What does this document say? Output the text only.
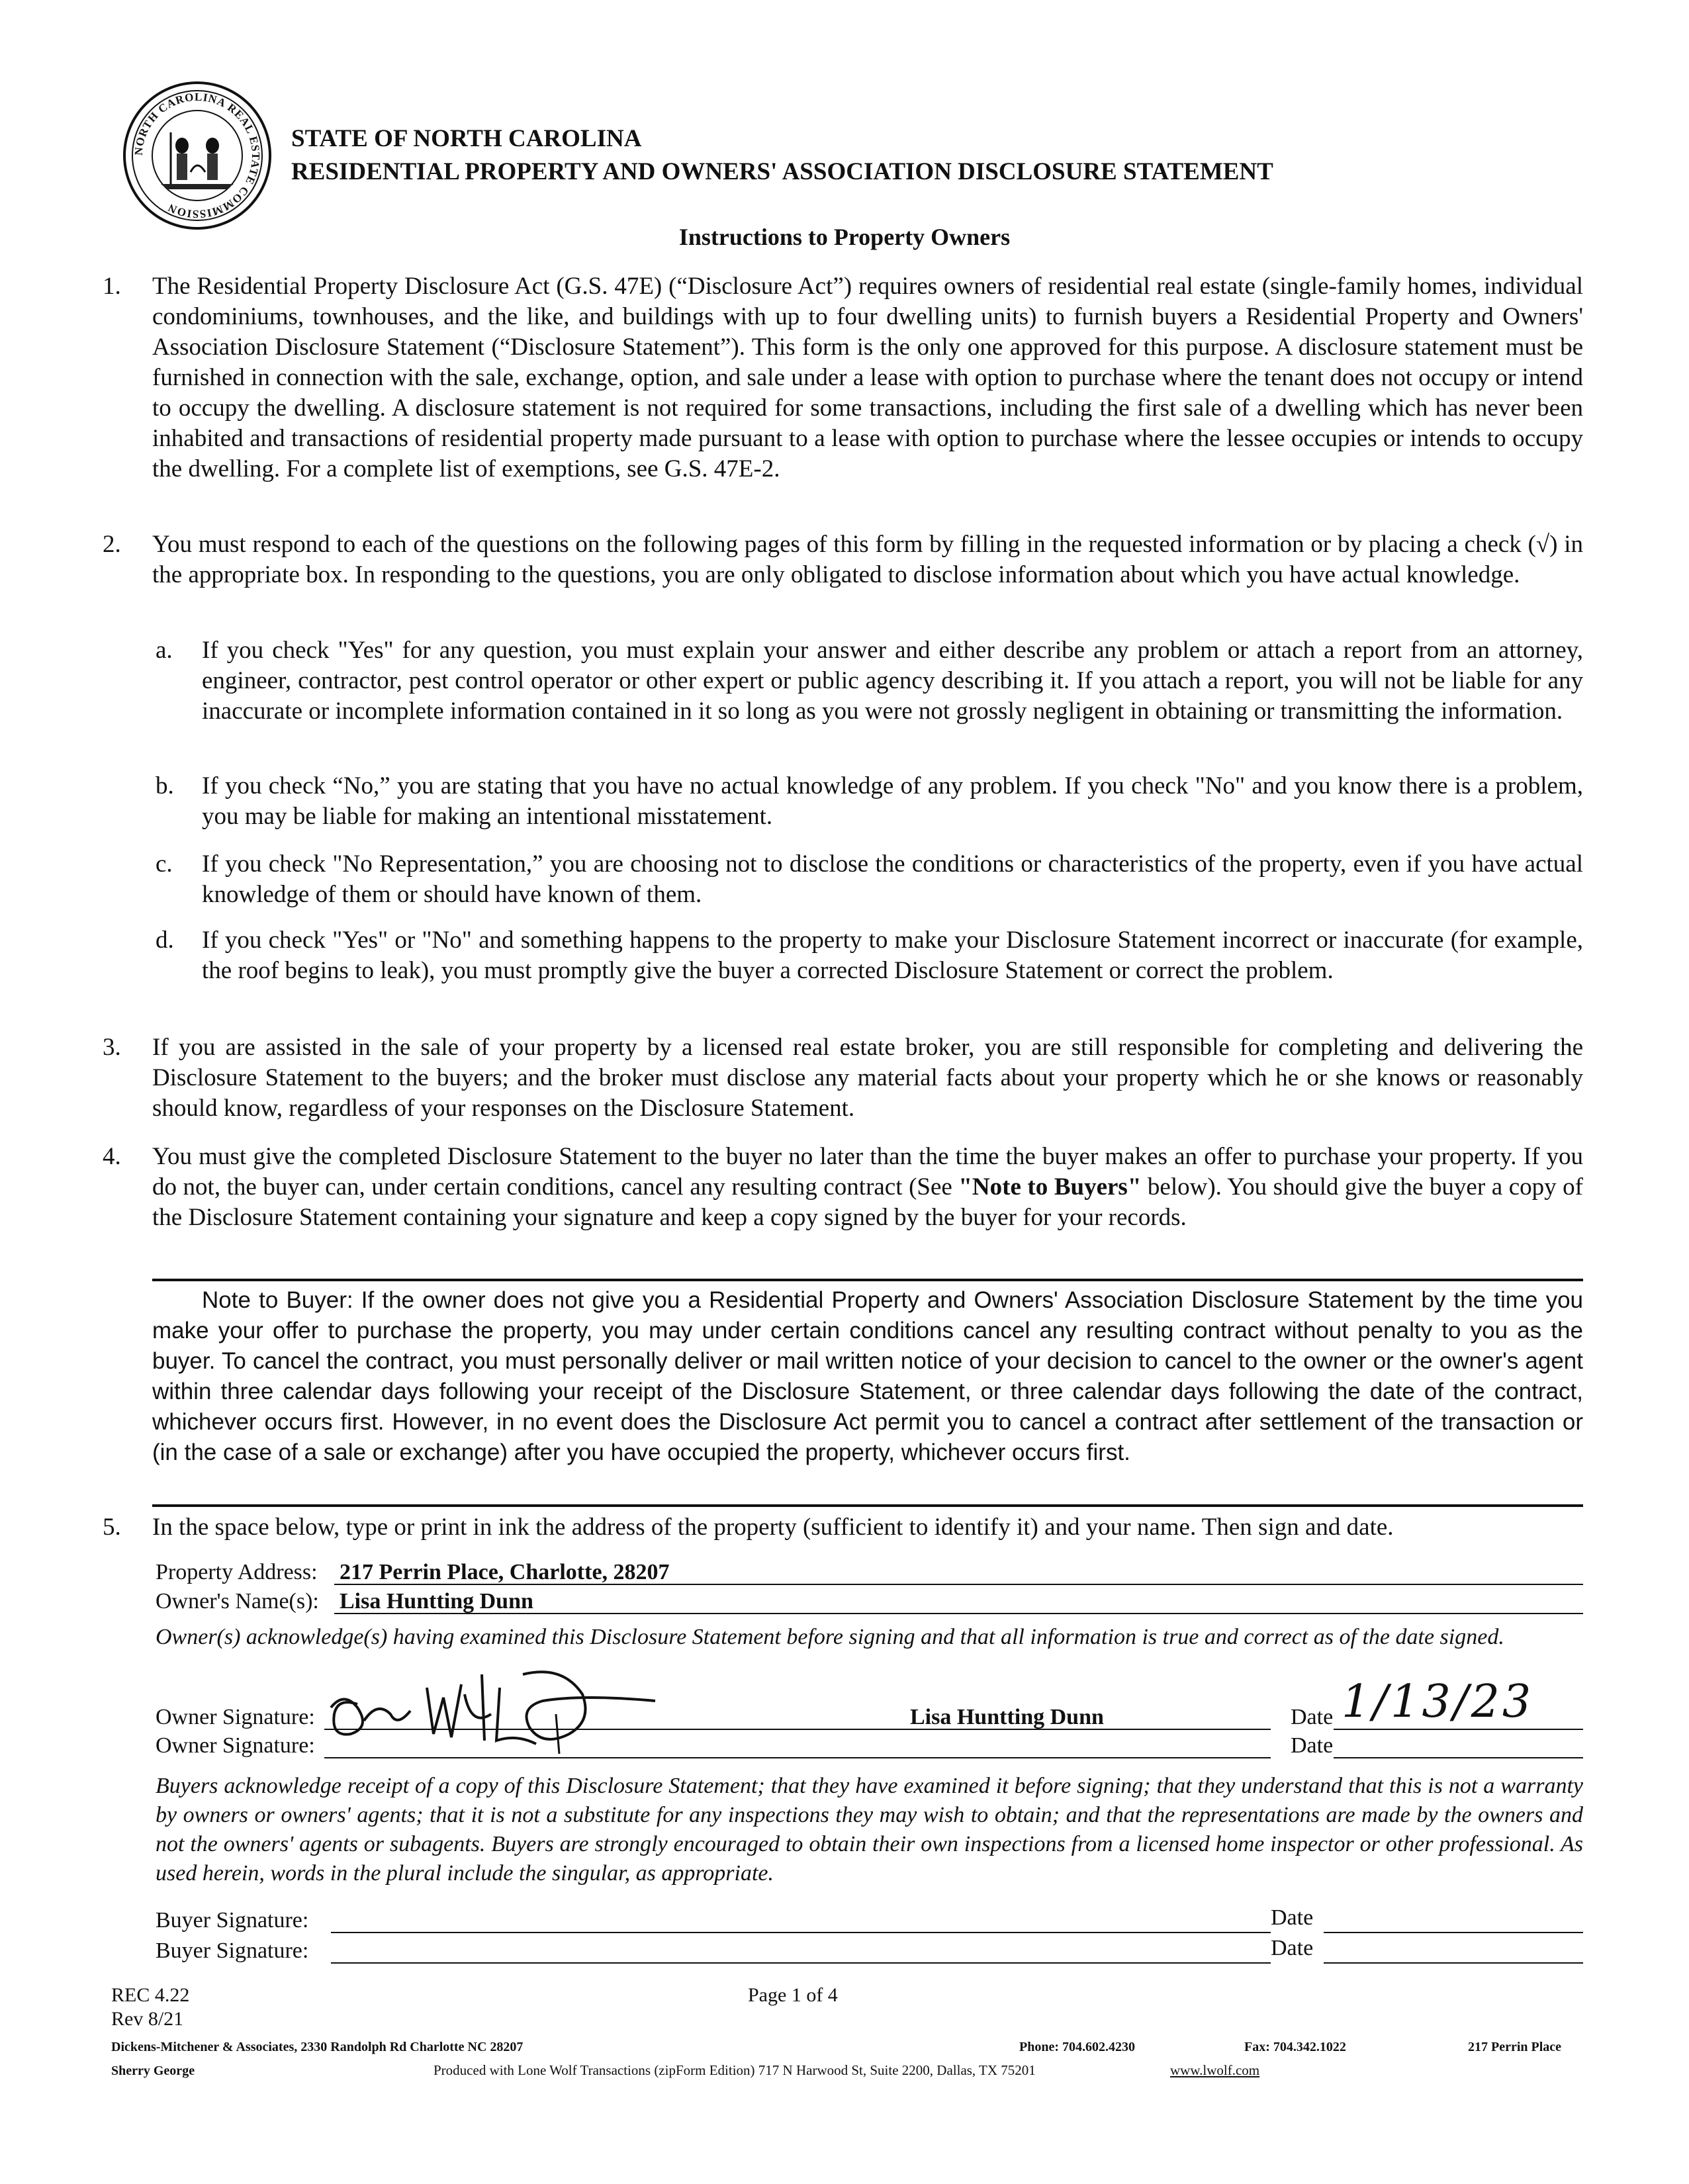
NORTH CAROLINA REAL ESTATE COMMISSION
STATE OF NORTH CAROLINA
RESIDENTIAL PROPERTY AND OWNERS' ASSOCIATION DISCLOSURE STATEMENT
Instructions to Property Owners
1. The Residential Property Disclosure Act (G.S. 47E) (“Disclosure Act”) requires owners of residential real estate (single-family homes, individual condominiums, townhouses, and the like, and buildings with up to four dwelling units) to furnish buyers a Residential Property and Owners' Association Disclosure Statement (“Disclosure Statement”). This form is the only one approved for this purpose. A disclosure statement must be furnished in connection with the sale, exchange, option, and sale under a lease with option to purchase where the tenant does not occupy or intend to occupy the dwelling. A disclosure statement is not required for some transactions, including the first sale of a dwelling which has never been inhabited and transactions of residential property made pursuant to a lease with option to purchase where the lessee occupies or intends to occupy the dwelling. For a complete list of exemptions, see G.S. 47E-2.
2. You must respond to each of the questions on the following pages of this form by filling in the requested information or by placing a check (√) in the appropriate box. In responding to the questions, you are only obligated to disclose information about which you have actual knowledge.
a. If you check "Yes" for any question, you must explain your answer and either describe any problem or attach a report from an attorney, engineer, contractor, pest control operator or other expert or public agency describing it. If you attach a report, you will not be liable for any inaccurate or incomplete information contained in it so long as you were not grossly negligent in obtaining or transmitting the information.
b. If you check “No,” you are stating that you have no actual knowledge of any problem. If you check "No" and you know there is a problem, you may be liable for making an intentional misstatement.
c. If you check "No Representation,” you are choosing not to disclose the conditions or characteristics of the property, even if you have actual knowledge of them or should have known of them.
d. If you check "Yes" or "No" and something happens to the property to make your Disclosure Statement incorrect or inaccurate (for example, the roof begins to leak), you must promptly give the buyer a corrected Disclosure Statement or correct the problem.
3. If you are assisted in the sale of your property by a licensed real estate broker, you are still responsible for completing and delivering the Disclosure Statement to the buyers; and the broker must disclose any material facts about your property which he or she knows or reasonably should know, regardless of your responses on the Disclosure Statement.
4. You must give the completed Disclosure Statement to the buyer no later than the time the buyer makes an offer to purchase your property. If you do not, the buyer can, under certain conditions, cancel any resulting contract (See "Note to Buyers" below). You should give the buyer a copy of the Disclosure Statement containing your signature and keep a copy signed by the buyer for your records.
Note to Buyer: If the owner does not give you a Residential Property and Owners' Association Disclosure Statement by the time you make your offer to purchase the property, you may under certain conditions cancel any resulting contract without penalty to you as the buyer. To cancel the contract, you must personally deliver or mail written notice of your decision to cancel to the owner or the owner's agent within three calendar days following your receipt of the Disclosure Statement, or three calendar days following the date of the contract, whichever occurs first. However, in no event does the Disclosure Act permit you to cancel a contract after settlement of the transaction or (in the case of a sale or exchange) after you have occupied the property, whichever occurs first.
5. In the space below, type or print in ink the address of the property (sufficient to identify it) and your name. Then sign and date.
Property Address: 217 Perrin Place, Charlotte, 28207
Owner's Name(s): Lisa Huntting Dunn
Owner(s) acknowledge(s) having examined this Disclosure Statement before signing and that all information is true and correct as of the date signed.
Owner Signature:	Lisa Huntting Dunn	Date 1/13/23
Owner Signature:	Date
Buyers acknowledge receipt of a copy of this Disclosure Statement; that they have examined it before signing; that they understand that this is not a warranty by owners or owners' agents; that it is not a substitute for any inspections they may wish to obtain; and that the representations are made by the owners and not the owners' agents or subagents. Buyers are strongly encouraged to obtain their own inspections from a licensed home inspector or other professional. As used herein, words in the plural include the singular, as appropriate.
Buyer Signature:	Date
Buyer Signature:	Date
REC 4.22
Rev 8/21
Page 1 of 4
Dickens-Mitchener & Associates, 2330 Randolph Rd Charlotte NC 28207	Phone: 704.602.4230	Fax: 704.342.1022	217 Perrin Place
Sherry George	Produced with Lone Wolf Transactions (zipForm Edition) 717 N Harwood St, Suite 2200, Dallas, TX 75201	www.lwolf.com
